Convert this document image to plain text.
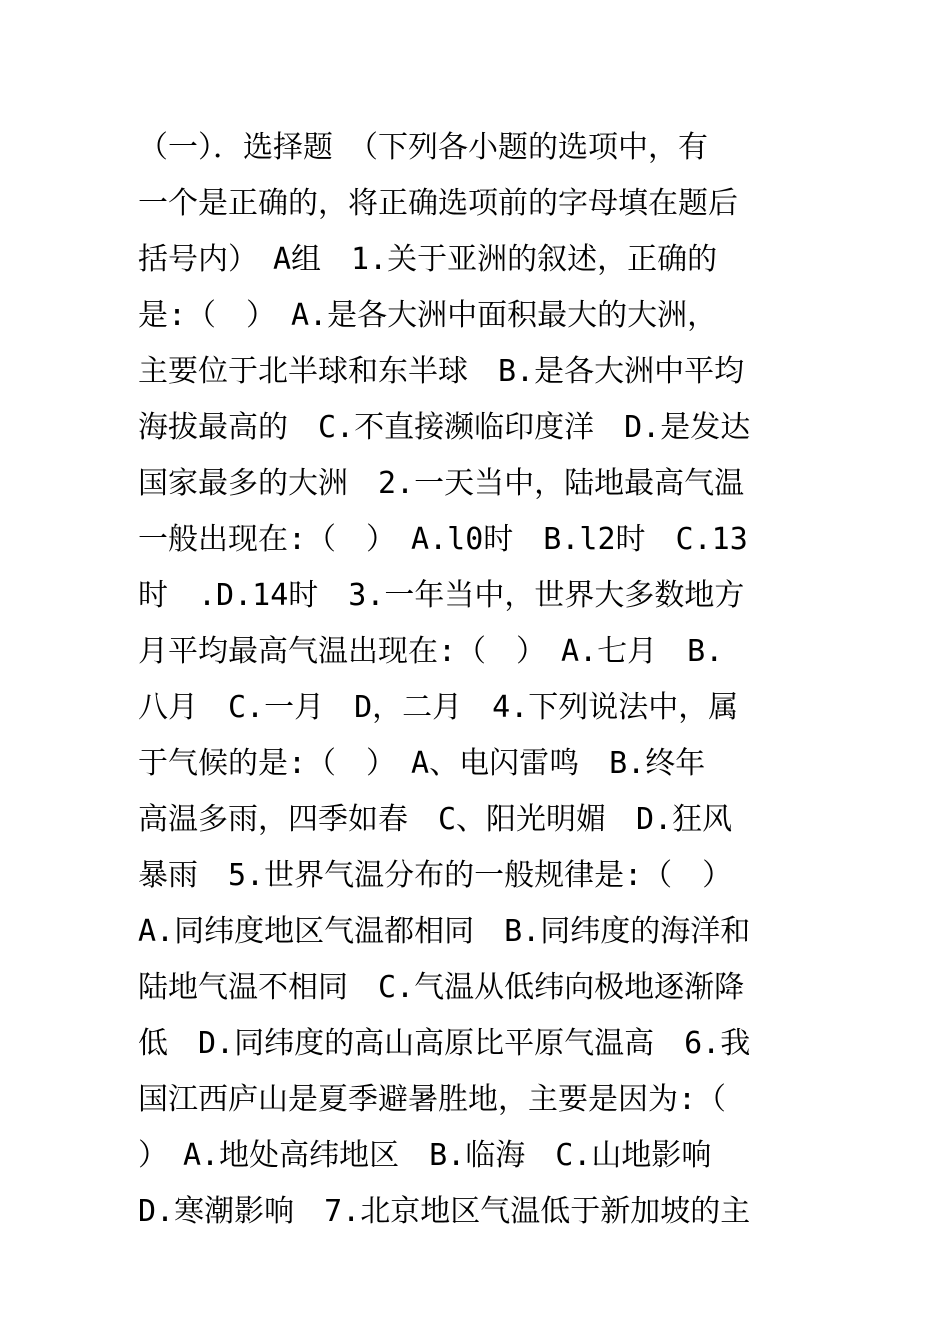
（一）．选择题　（下列各小题的选项中，有
一个是正确的，将正确选项前的字母填在题后
括号内）　A组　1.关于亚洲的叙述，正确的
是:（　）　A.是各大洲中面积最大的大洲，
主要位于北半球和东半球　B.是各大洲中平均
海拔最高的　C.不直接濒临印度洋　D.是发达
国家最多的大洲　2.一天当中，陆地最高气温
一般出现在:（　）　A.l0时　B.l2时　C.13
时　.D.14时　3.一年当中，世界大多数地方
月平均最高气温出现在:（　）　A.七月　B.
八月　C.一月　D，二月　4.下列说法中，属
于气候的是:（　）　A、电闪雷鸣　B.终年
高温多雨，四季如春　C、阳光明媚　D.狂风
暴雨　5.世界气温分布的一般规律是:（　）
A.同纬度地区气温都相同　B.同纬度的海洋和
陆地气温不相同　C.气温从低纬向极地逐渐降
低　D.同纬度的高山高原比平原气温高　6.我
国江西庐山是夏季避暑胜地，主要是因为:（
）　A.地处高纬地区　B.临海　C.山地影响
D.寒潮影响　7.北京地区气温低于新加坡的主
